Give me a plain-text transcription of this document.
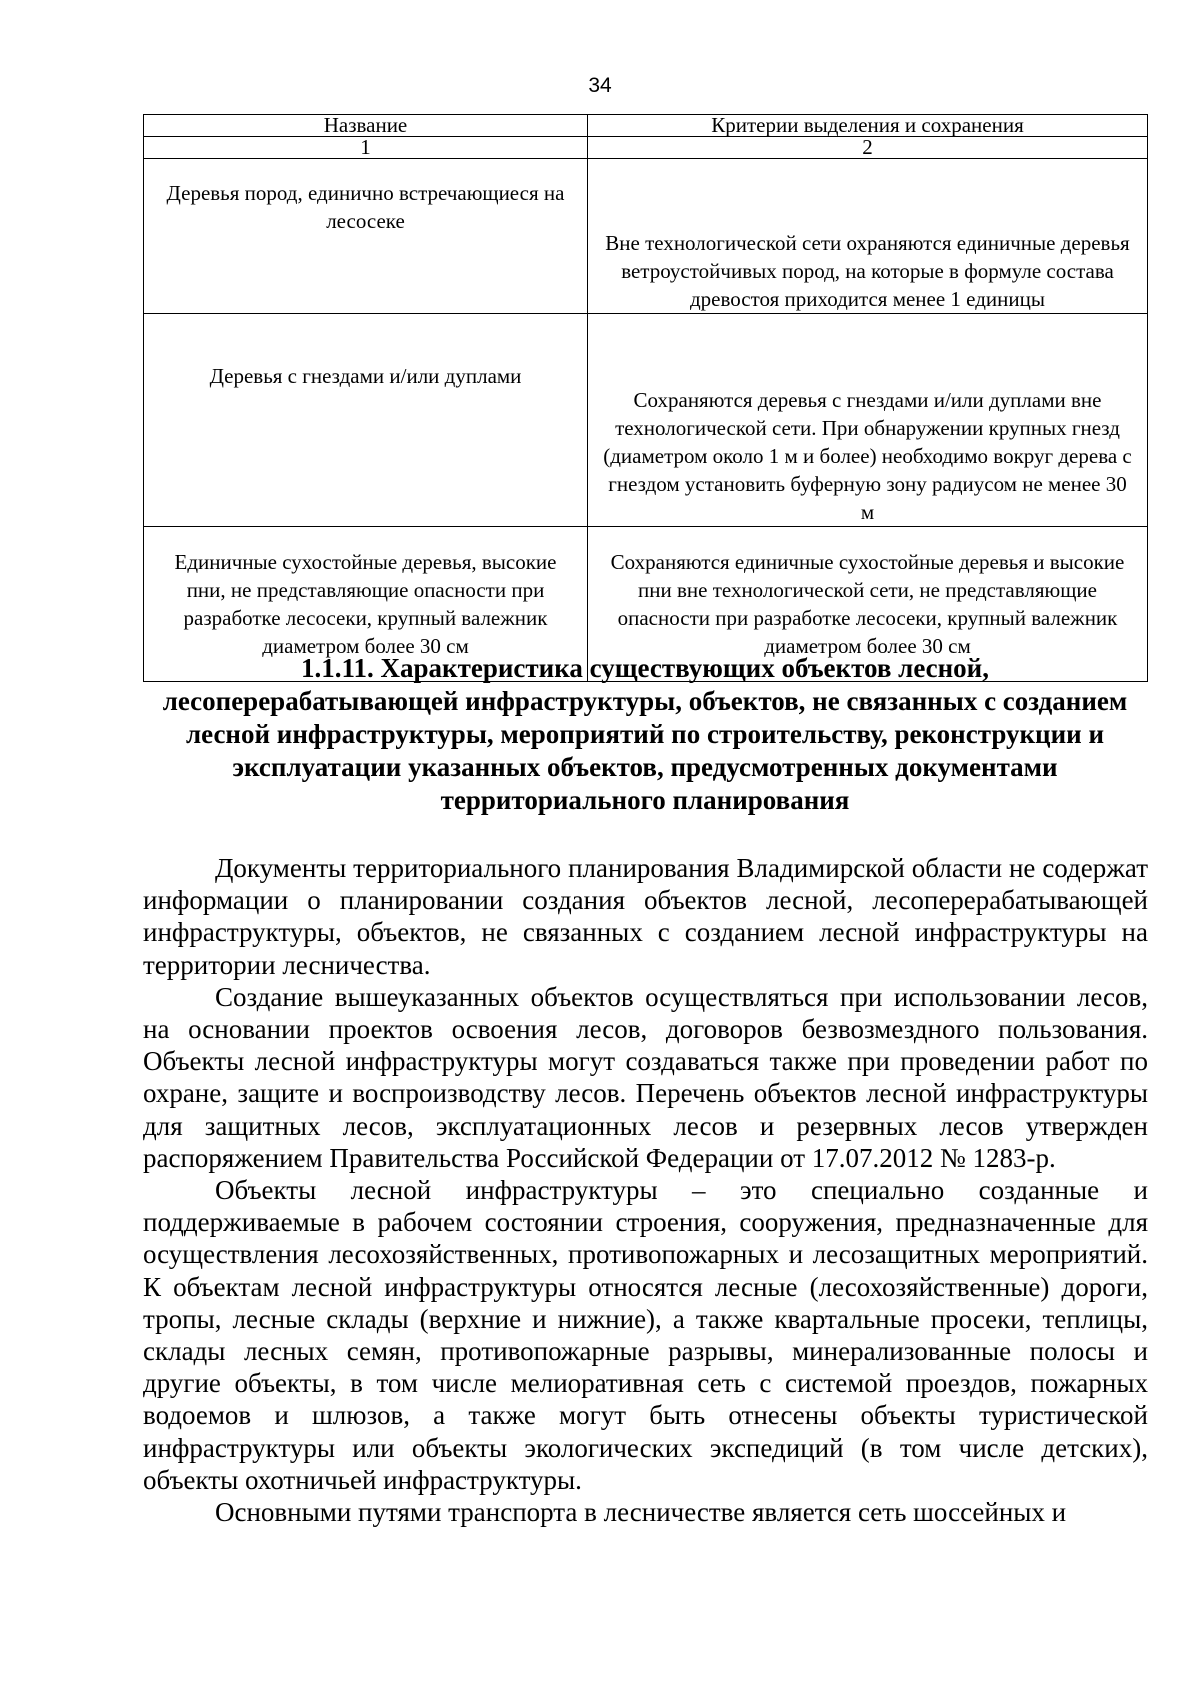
34
Название	Критерии выделения и сохранения
1	2
Деревья пород, единично встречающиеся на лесосеке	Вне технологической сети охраняются единичные деревья ветроустойчивых пород, на которые в формуле состава древостоя приходится менее 1 единицы
Деревья с гнездами и/или дуплами	Сохраняются деревья с гнездами и/или дуплами вне технологической сети. При обнаружении крупных гнезд (диаметром около 1 м и более) необходимо вокруг дерева с гнездом установить буферную зону радиусом не менее 30 м
Единичные сухостойные деревья, высокие пни, не представляющие опасности при разработке лесосеки, крупный валежник диаметром более 30 см	Сохраняются единичные сухостойные деревья и высокие пни вне технологической сети, не представляющие опасности при разработке лесосеки, крупный валежник диаметром более 30 см
1.1.11. Характеристика существующих объектов лесной, лесоперерабатывающей инфраструктуры, объектов, не связанных с созданием лесной инфраструктуры, мероприятий по строительству, реконструкции и эксплуатации указанных объектов, предусмотренных документами территориального планирования

Документы территориального планирования Владимирской области не содержат информации о планировании создания объектов лесной, лесоперерабатывающей инфраструктуры, объектов, не связанных с созданием лесной инфраструктуры на территории лесничества.

Создание вышеуказанных объектов осуществляться при использовании лесов, на основании проектов освоения лесов, договоров безвозмездного пользования. Объекты лесной инфраструктуры могут создаваться также при проведении работ по охране, защите и воспроизводству лесов. Перечень объектов лесной инфраструктуры для защитных лесов, эксплуатационных лесов и резервных лесов утвержден распоряжением Правительства Российской Федерации от 17.07.2012 № 1283-р.

Объекты лесной инфраструктуры – это специально созданные и поддерживаемые в рабочем состоянии строения, сооружения, предназначенные для осуществления лесохозяйственных, противопожарных и лесозащитных мероприятий. К объектам лесной инфраструктуры относятся лесные (лесохозяйственные) дороги, тропы, лесные склады (верхние и нижние), а также квартальные просеки, теплицы, склады лесных семян, противопожарные разрывы, минерализованные полосы и другие объекты, в том числе мелиоративная сеть с системой проездов, пожарных водоемов и шлюзов, а также могут быть отнесены объекты туристической инфраструктуры или объекты экологических экспедиций (в том числе детских), объекты охотничьей инфраструктуры.

Основными путями транспорта в лесничестве является сеть шоссейных и
